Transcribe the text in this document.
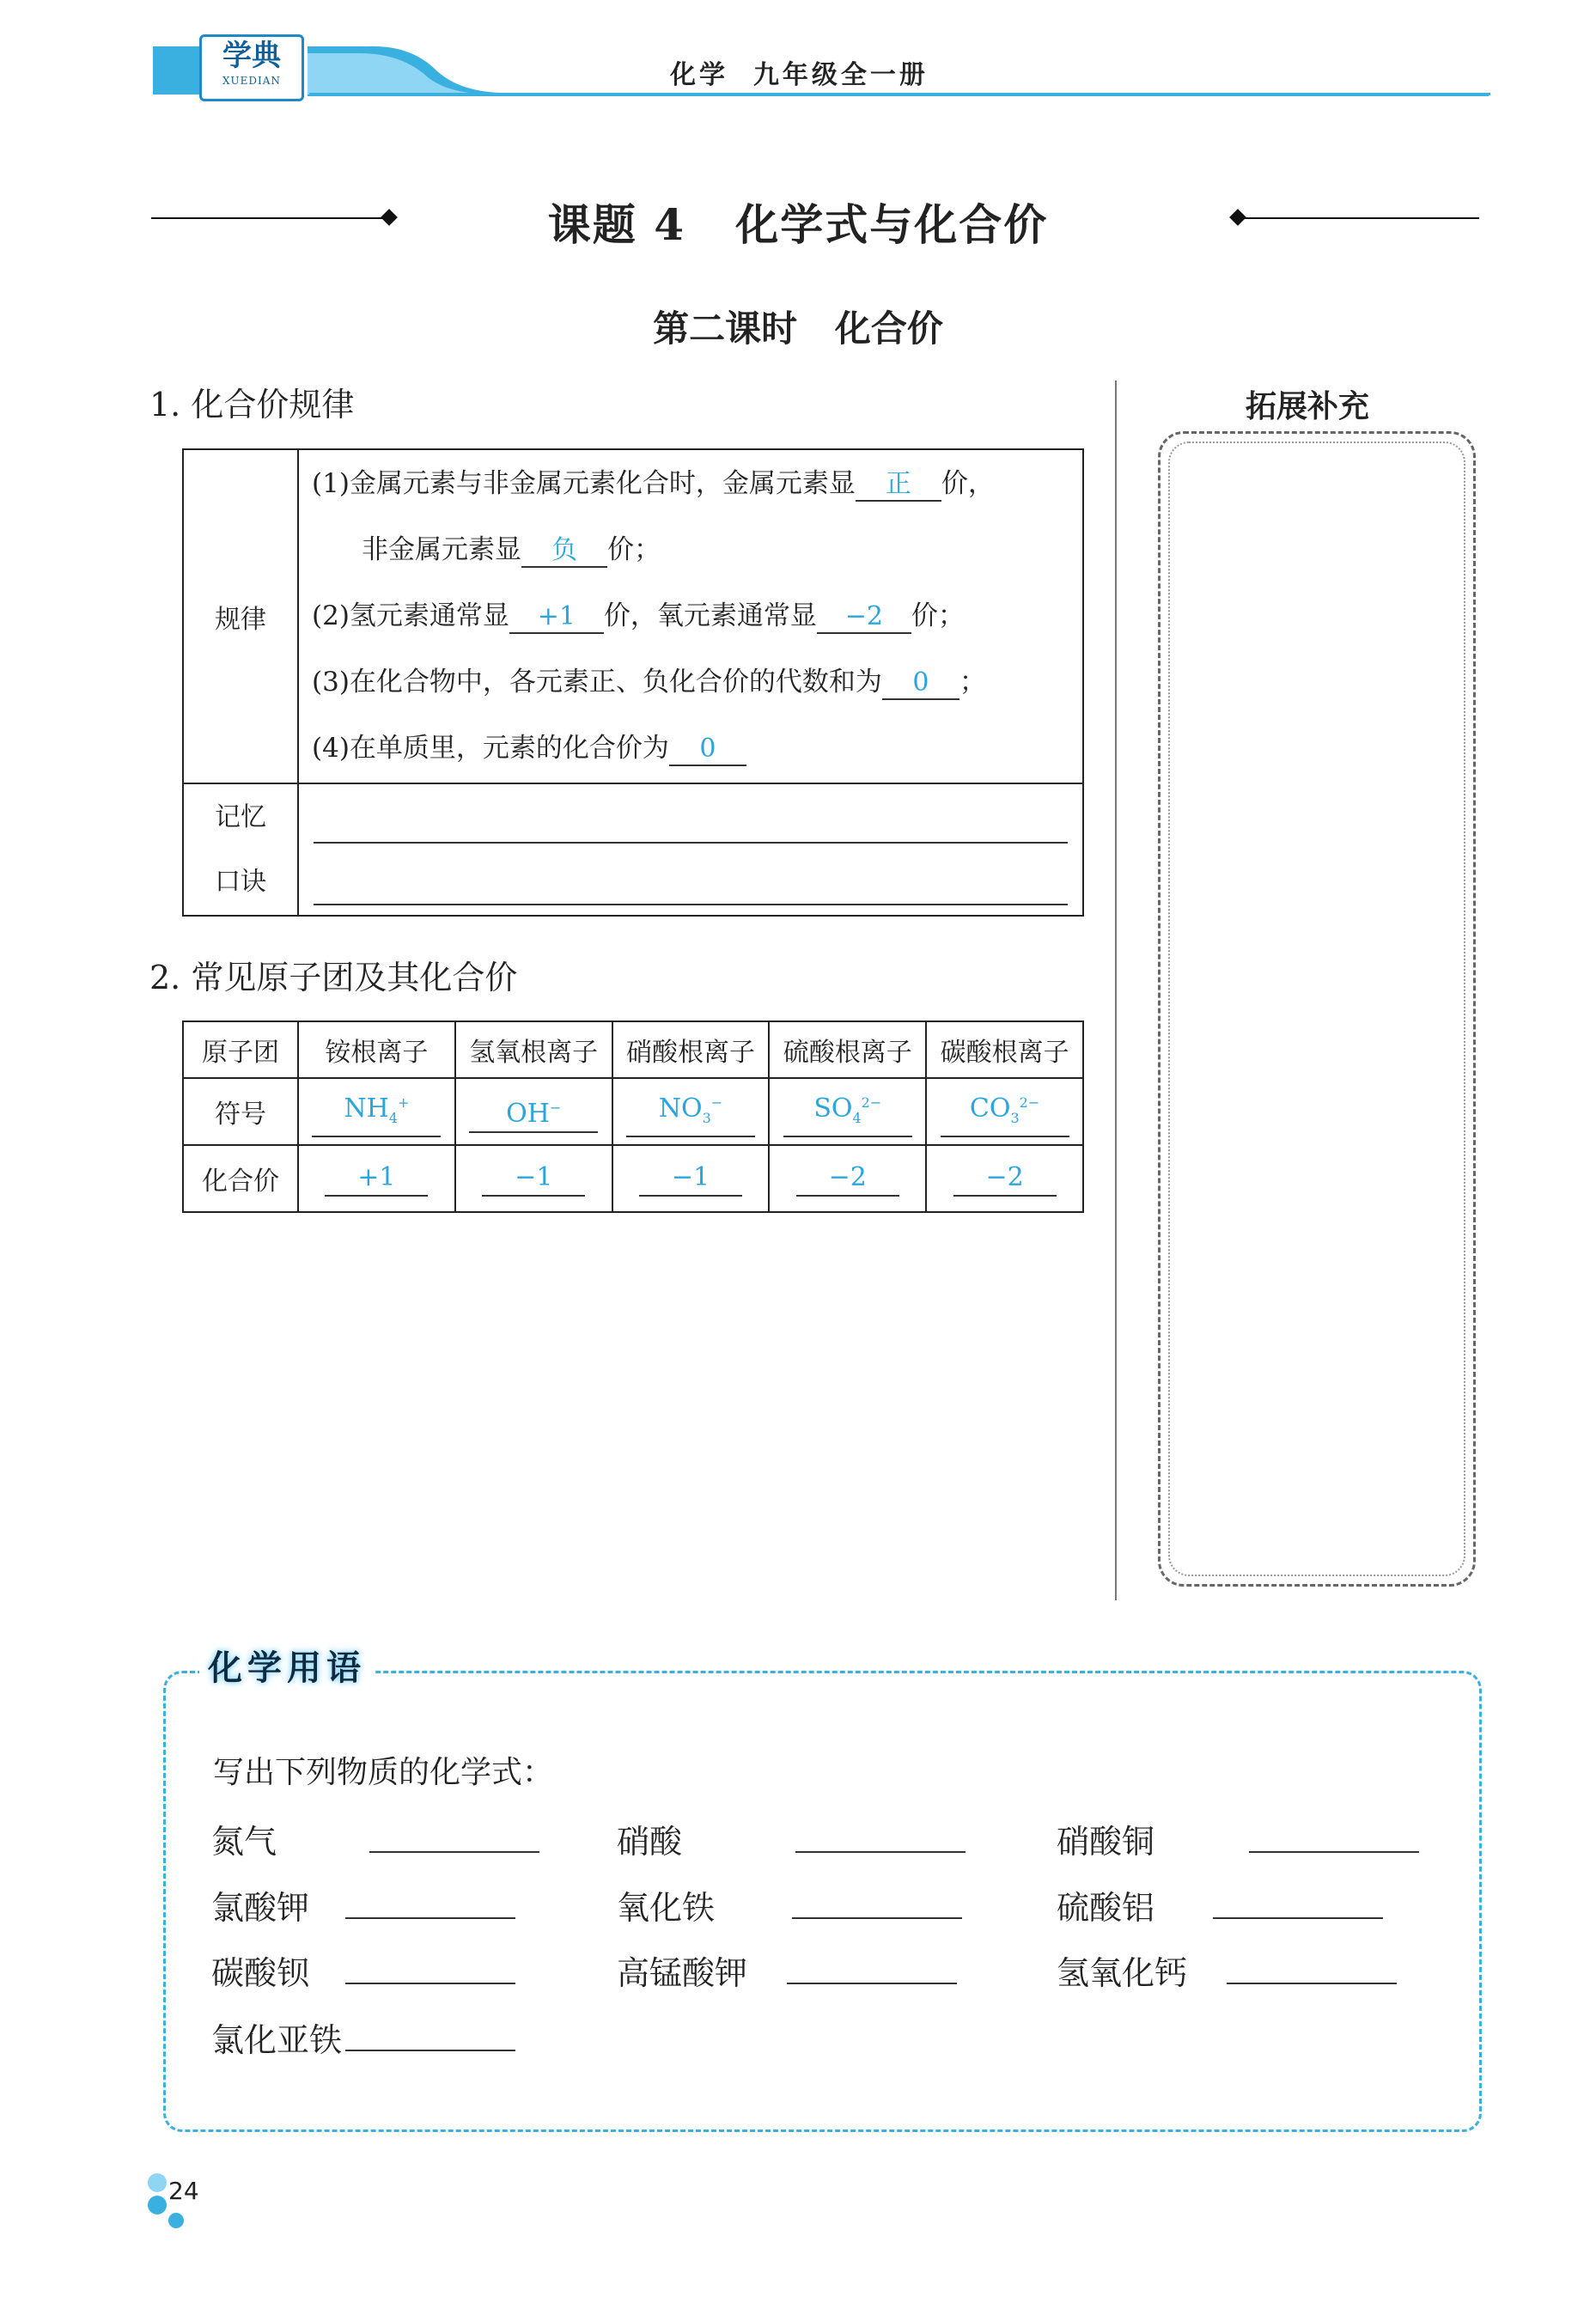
学典
XUEDIAN	化学  九年级全一册
课题 4   化学式与化合价
第二课时   化合价
1. 化合价规律
规律	(1)金属元素与非金属元素化合时，金属元素显 正 价，
非金属元素显 负 价；
(2)氢元素通常显 +1 价，氧元素通常显 −2 价；
(3)在化合物中，各元素正、负化合价的代数和为 0 ；
(4)在单质里，元素的化合价为 0

记忆
口诀	

2. 常见原子团及其化合价
原子团	铵根离子	氢氧根离子	硝酸根离子	硫酸根离子	碳酸根离子
符号	$NH_4^+$	OH−	$NO_3^-$	$SO_4^{2-}$	$CO_3^{2-}$
化合价	+1	−1	−1	−2	−2
拓展补充
化学用语
写出下列物质的化学式：
氮气	硝酸	硝酸铜
氯酸钾	氧化铁	硫酸铝
碳酸钡	高锰酸钾	氢氧化钙
氯化亚铁
24
